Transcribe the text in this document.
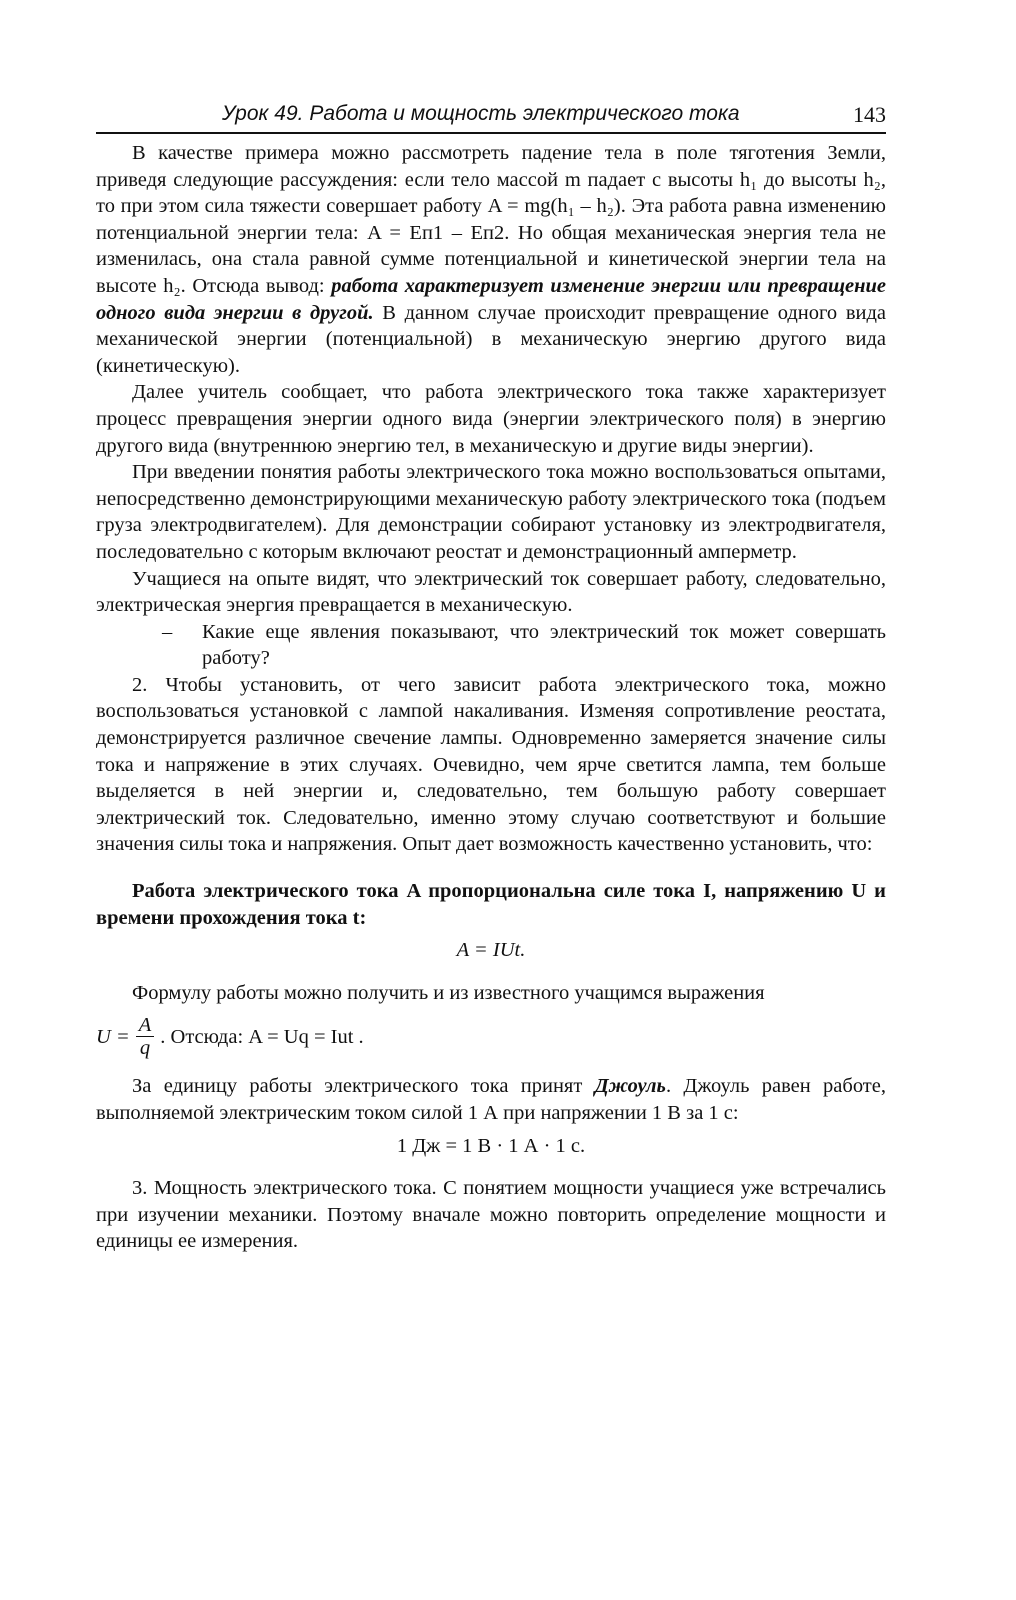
Урок 49. Работа и мощность электрического тока	143

В качестве примера можно рассмотреть падение тела в поле тяготения Земли, приведя следующие рассуждения: если тело массой m падает с высоты h₁ до высоты h₂, то при этом сила тяжести совершает работу A = mg(h₁ – h₂). Эта работа равна изменению потенциальной энергии тела: A = Eп1 – Eп2. Но общая механическая энергия тела не изменилась, она стала равной сумме потенциальной и кинетической энергии тела на высоте h₂. Отсюда вывод: работа характеризует изменение энергии или превращение одного вида энергии в другой. В данном случае происходит превращение одного вида механической энергии (потенциальной) в механическую энергию другого вида (кинетическую).

Далее учитель сообщает, что работа электрического тока также характеризует процесс превращения энергии одного вида (энергии электрического поля) в энергию другого вида (внутреннюю энергию тел, в механическую и другие виды энергии).

При введении понятия работы электрического тока можно воспользоваться опытами, непосредственно демонстрирующими механическую работу электрического тока (подъем груза электродвигателем). Для демонстрации собирают установку из электродвигателя, последовательно с которым включают реостат и демонстрационный амперметр.

Учащиеся на опыте видят, что электрический ток совершает работу, следовательно, электрическая энергия превращается в механическую.

–	Какие еще явления показывают, что электрический ток может совершать работу?

2. Чтобы установить, от чего зависит работа электрического тока, можно воспользоваться установкой с лампой накаливания. Изменяя сопротивление реостата, демонстрируется различное свечение лампы. Одновременно замеряется значение силы тока и напряжение в этих случаях. Очевидно, чем ярче светится лампа, тем больше выделяется в ней энергии и, следовательно, тем большую работу совершает электрический ток. Следовательно, именно этому случаю соответствуют и большие значения силы тока и напряжения. Опыт дает возможность качественно установить, что:

Работа электрического тока A пропорциональна силе тока I, напряжению U и времени прохождения тока t:

A = IUt.

Формулу работы можно получить и из известного учащимся выражения

$U = \frac{A}{q}$ . Отсюда: A = Uq = Iut .

За единицу работы электрического тока принят Джоуль. Джоуль равен работе, выполняемой электрическим током силой 1 А при напряжении 1 В за 1 с:

1 Дж = 1 В · 1 А · 1 с.

3. Мощность электрического тока. С понятием мощности учащиеся уже встречались при изучении механики. Поэтому вначале можно повторить определение мощности и единицы ее измерения.
